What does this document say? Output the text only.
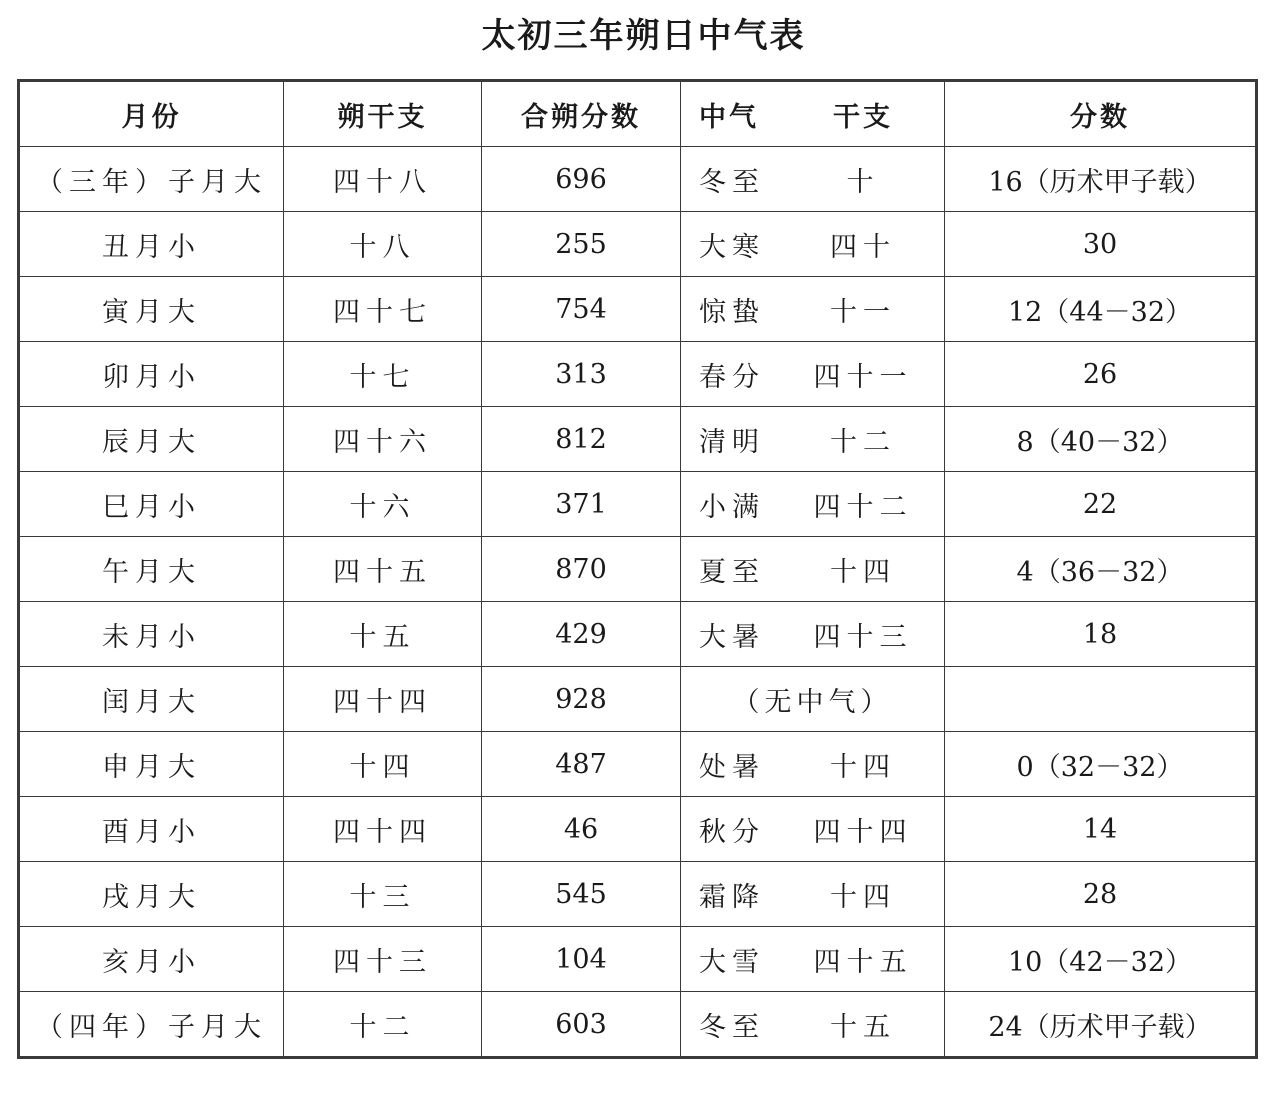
太初三年朔日中气表
月份	朔干支	合朔分数	中气 干支	分数
（三年）子月大	四十八	696	冬至 十	16（历术甲子载）
丑月小	十八	255	大寒 四十	30
寅月大	四十七	754	惊蛰 十一	12（44－32）
卯月小	十七	313	春分 四十一	26
辰月大	四十六	812	清明 十二	8（40－32）
巳月小	十六	371	小满 四十二	22
午月大	四十五	870	夏至 十四	4（36－32）
未月小	十五	429	大暑 四十三	18
闰月大	四十四	928	（无中气）	
申月大	十四	487	处暑 十四	0（32－32）
酉月小	四十四	46	秋分 四十四	14
戌月大	十三	545	霜降 十四	28
亥月小	四十三	104	大雪 四十五	10（42－32）
（四年）子月大	十二	603	冬至 十五	24（历术甲子载）
